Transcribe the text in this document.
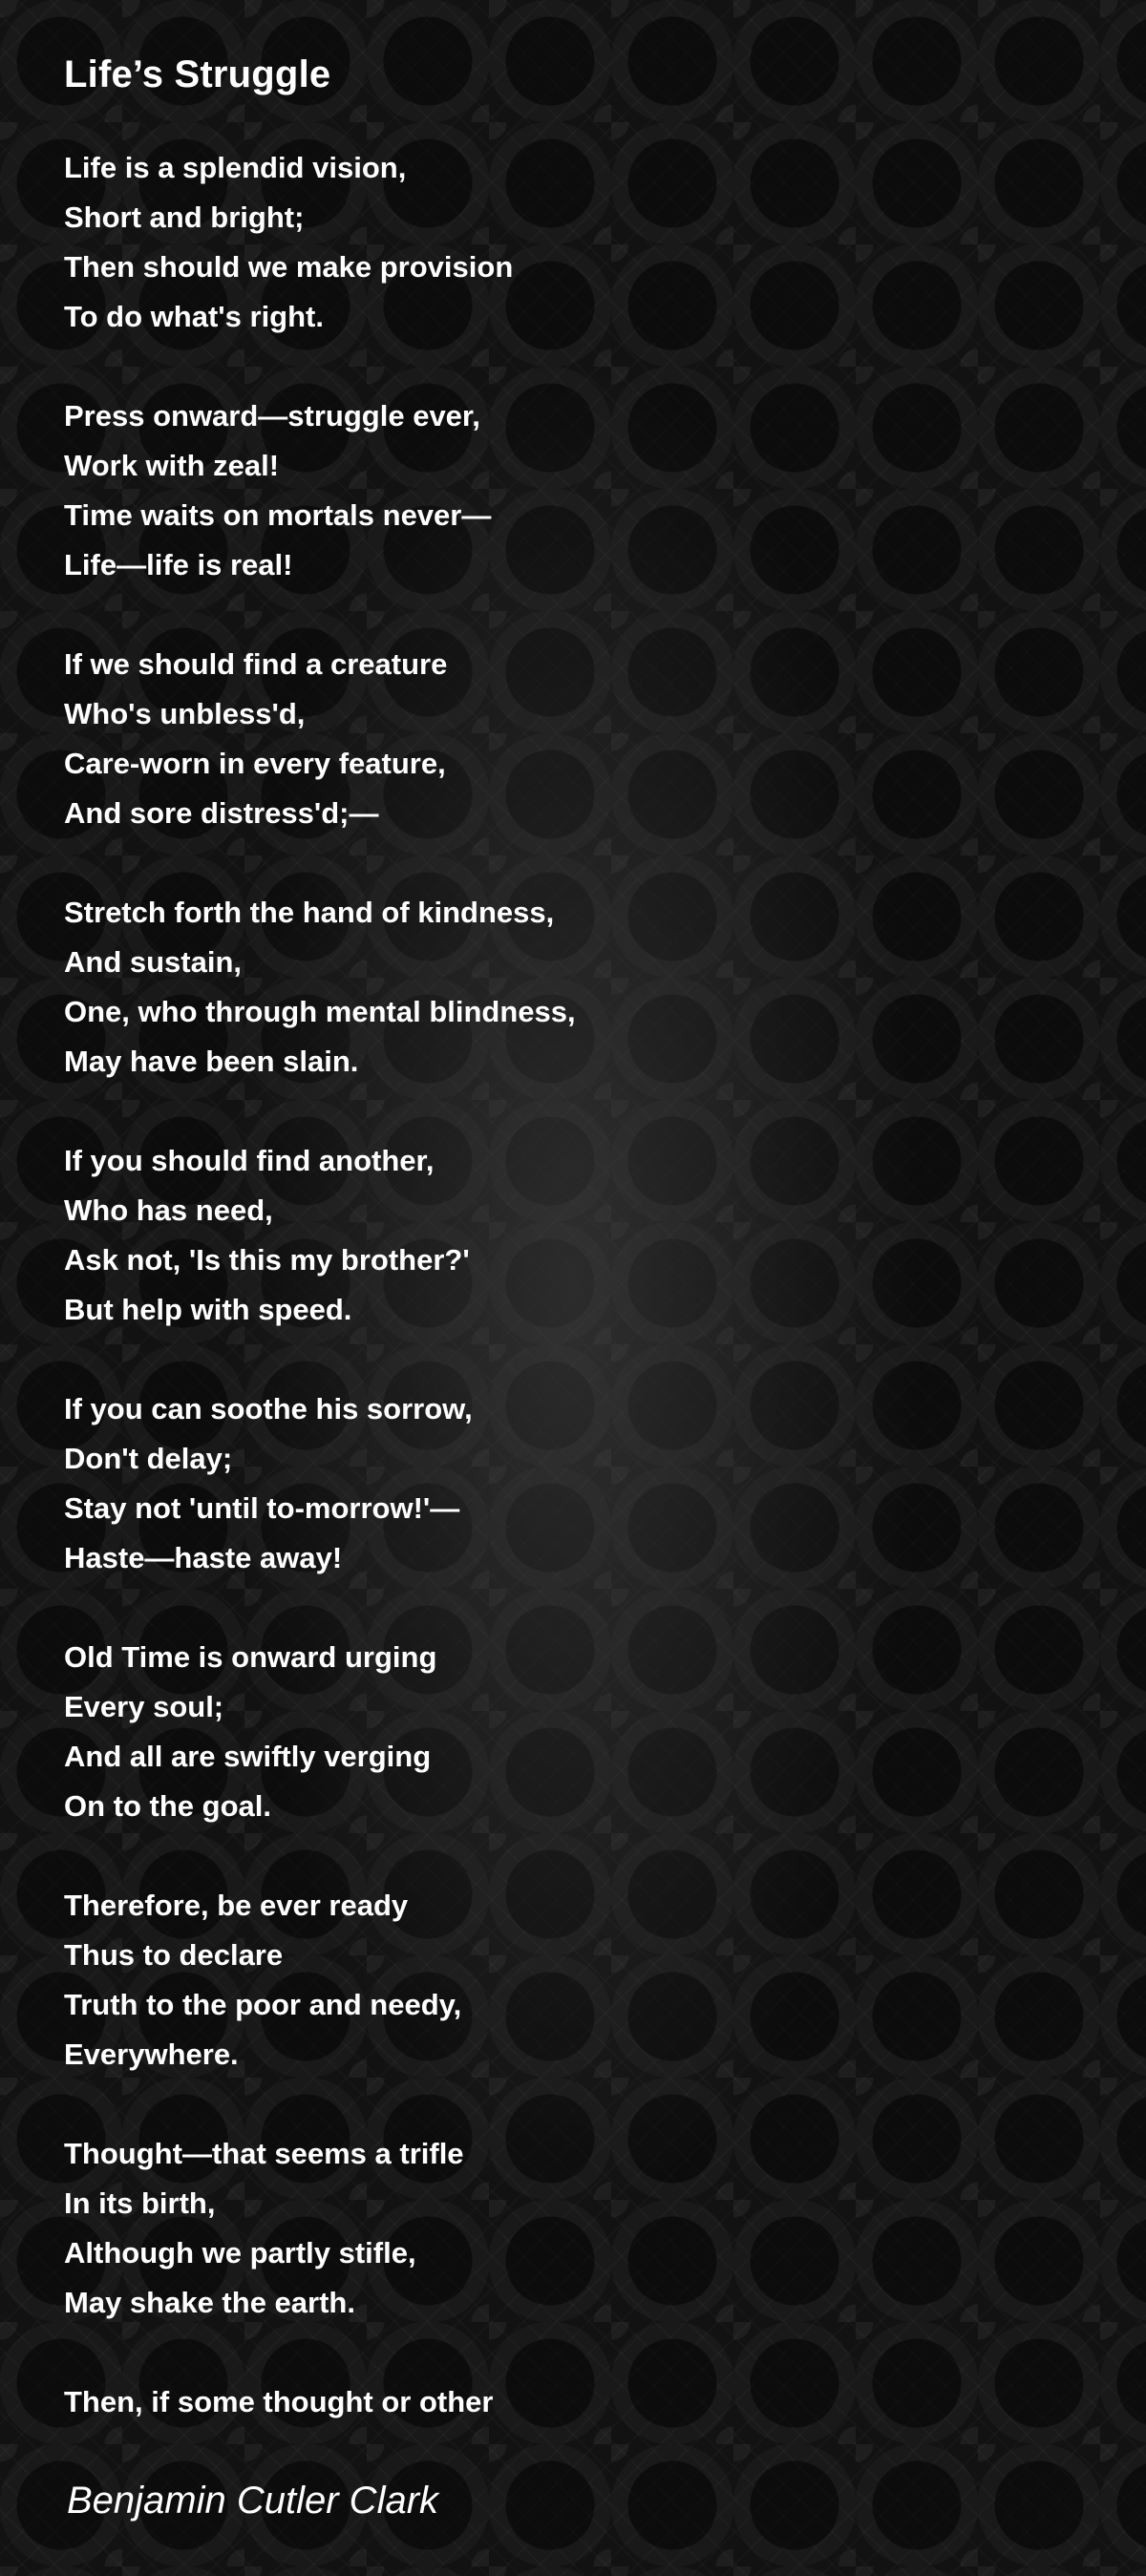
Life’s Struggle
Life is a splendid vision,
Short and bright;
Then should we make provision
To do what's right.
Press onward—struggle ever,
Work with zeal!
Time waits on mortals never—
Life—life is real!
If we should find a creature
Who's unbless'd,
Care-worn in every feature,
And sore distress'd;—
Stretch forth the hand of kindness,
And sustain,
One, who through mental blindness,
May have been slain.
If you should find another,
Who has need,
Ask not, 'Is this my brother?'
But help with speed.
If you can soothe his sorrow,
Don't delay;
Stay not 'until to-morrow!'—
Haste—haste away!
Old Time is onward urging
Every soul;
And all are swiftly verging
On to the goal.
Therefore, be ever ready
Thus to declare
Truth to the poor and needy,
Everywhere.
Thought—that seems a trifle
In its birth,
Although we partly stifle,
May shake the earth.
Then, if some thought or other
Benjamin Cutler Clark
